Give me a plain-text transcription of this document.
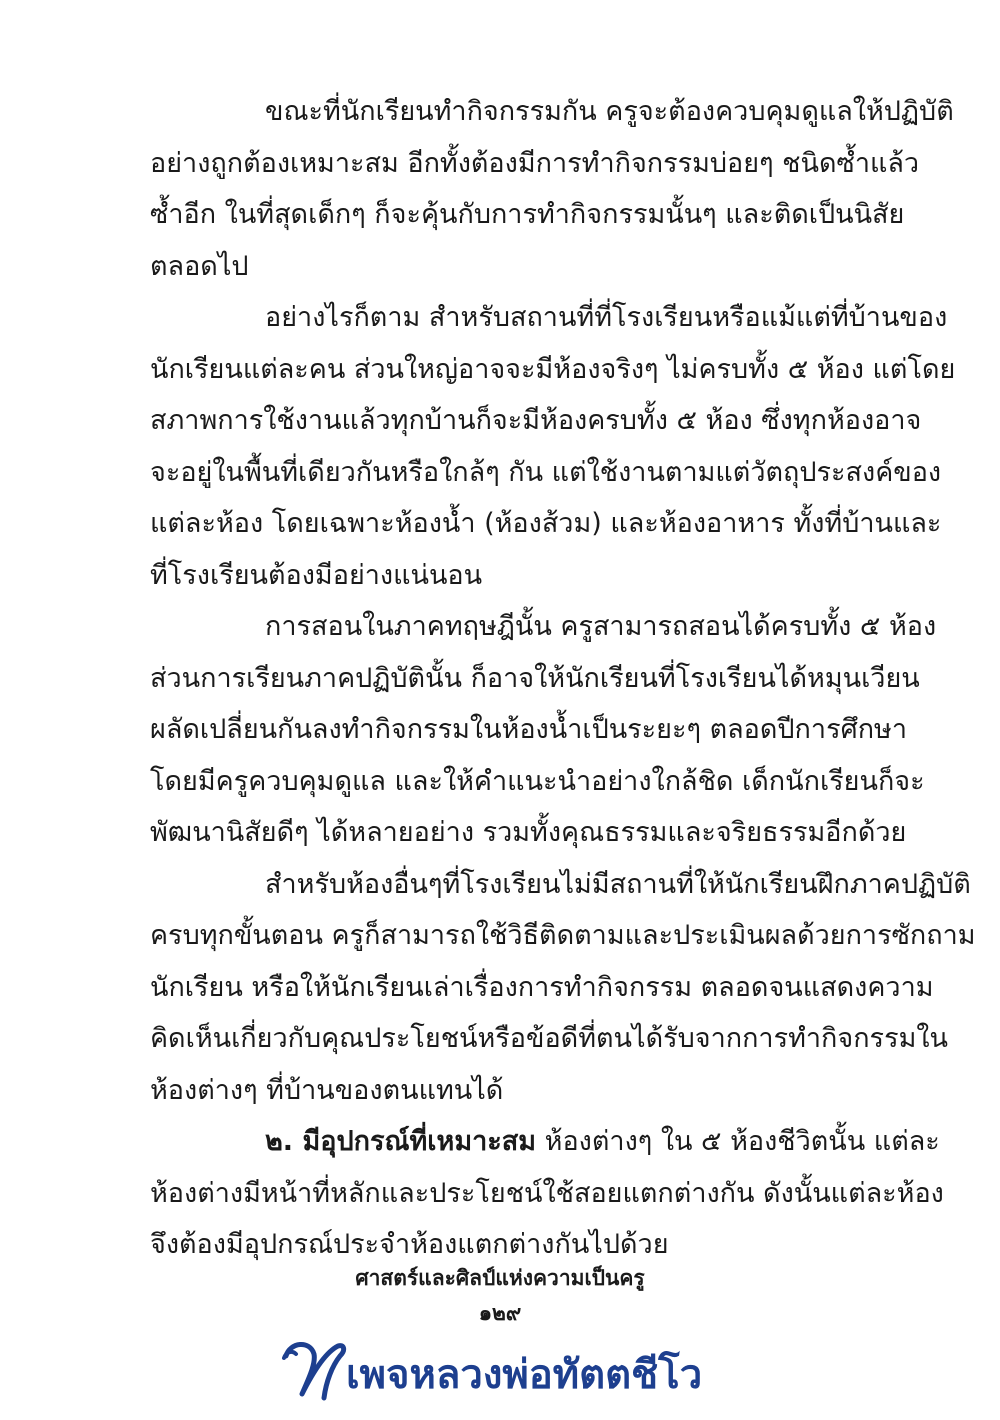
ขณะที่นักเรียนทำกิจกรรมกัน ครูจะต้องควบคุมดูแลให้ปฏิบัติ
อย่างถูกต้องเหมาะสม อีกทั้งต้องมีการทำกิจกรรมบ่อยๆ ชนิดซ้ำแล้ว
ซ้ำอีก ในที่สุดเด็กๆ ก็จะคุ้นกับการทำกิจกรรมนั้นๆ และติดเป็นนิสัย
ตลอดไป
อย่างไรก็ตาม สำหรับสถานที่ที่โรงเรียนหรือแม้แต่ที่บ้านของ
นักเรียนแต่ละคน ส่วนใหญ่อาจจะมีห้องจริงๆ ไม่ครบทั้ง ๕ ห้อง แต่โดย
สภาพการใช้งานแล้วทุกบ้านก็จะมีห้องครบทั้ง ๕ ห้อง ซึ่งทุกห้องอาจ
จะอยู่ในพื้นที่เดียวกันหรือใกล้ๆ กัน แต่ใช้งานตามแต่วัตถุประสงค์ของ
แต่ละห้อง โดยเฉพาะห้องน้ำ (ห้องส้วม) และห้องอาหาร ทั้งที่บ้านและ
ที่โรงเรียนต้องมีอย่างแน่นอน
การสอนในภาคทฤษฎีนั้น ครูสามารถสอนได้ครบทั้ง ๕ ห้อง
ส่วนการเรียนภาคปฏิบัตินั้น ก็อาจให้นักเรียนที่โรงเรียนได้หมุนเวียน
ผลัดเปลี่ยนกันลงทำกิจกรรมในห้องน้ำเป็นระยะๆ ตลอดปีการศึกษา
โดยมีครูควบคุมดูแล และให้คำแนะนำอย่างใกล้ชิด เด็กนักเรียนก็จะ
พัฒนานิสัยดีๆ ได้หลายอย่าง รวมทั้งคุณธรรมและจริยธรรมอีกด้วย
สำหรับห้องอื่นๆที่โรงเรียนไม่มีสถานที่ให้นักเรียนฝึกภาคปฏิบัติ
ครบทุกขั้นตอน ครูก็สามารถใช้วิธีติดตามและประเมินผลด้วยการซักถาม
นักเรียน หรือให้นักเรียนเล่าเรื่องการทำกิจกรรม ตลอดจนแสดงความ
คิดเห็นเกี่ยวกับคุณประโยชน์หรือข้อดีที่ตนได้รับจากการทำกิจกรรมใน
ห้องต่างๆ ที่บ้านของตนแทนได้
๒. มีอุปกรณ์ที่เหมาะสม ห้องต่างๆ ใน ๕ ห้องชีวิตนั้น แต่ละ
ห้องต่างมีหน้าที่หลักและประโยชน์ใช้สอยแตกต่างกัน ดังนั้นแต่ละห้อง
จึงต้องมีอุปกรณ์ประจำห้องแตกต่างกันไปด้วย
ศาสตร์และศิลป์แห่งความเป็นครู
๑๒๙
เพจหลวงพ่อทัตตชีโว
